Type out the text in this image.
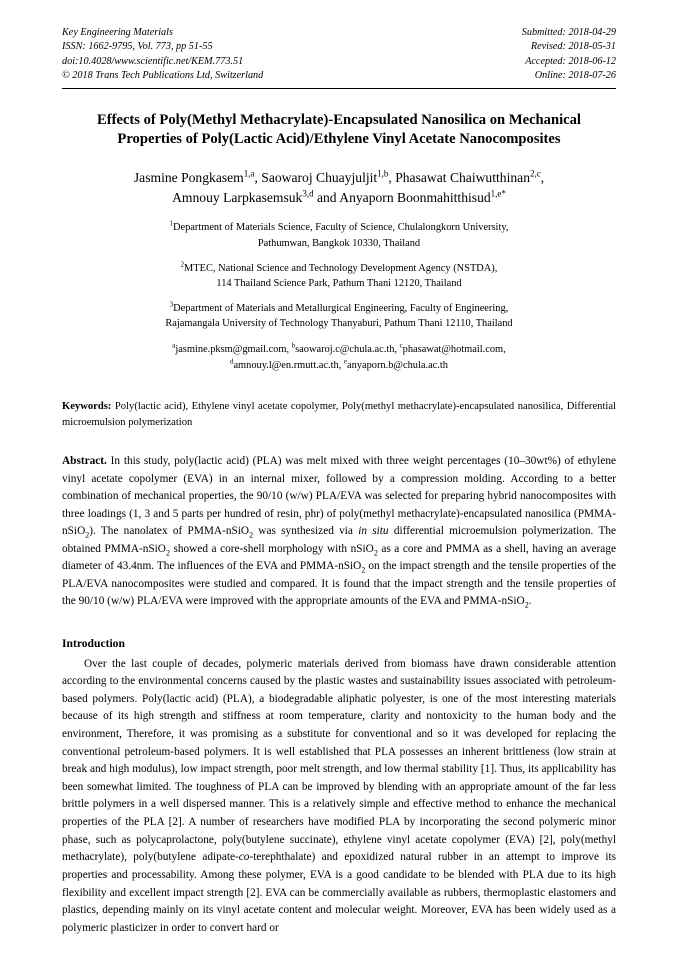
Key Engineering Materials
ISSN: 1662-9795, Vol. 773, pp 51-55
doi:10.4028/www.scientific.net/KEM.773.51
© 2018 Trans Tech Publications Ltd, Switzerland
Submitted: 2018-04-29
Revised: 2018-05-31
Accepted: 2018-06-12
Online: 2018-07-26
Effects of Poly(Methyl Methacrylate)-Encapsulated Nanosilica on Mechanical Properties of Poly(Lactic Acid)/Ethylene Vinyl Acetate Nanocomposites
Jasmine Pongkasem$^{1,a}$, Saowaroj Chuayjuljit$^{1,b}$, Phasawat Chaiwutthinan$^{2,c}$,
Amnouy Larpkasemsuk$^{3,d}$ and Anyaporn Boonmahitthisud$^{1,e*}$
$^1$Department of Materials Science, Faculty of Science, Chulalongkorn University,
Pathumwan, Bangkok 10330, Thailand
$^2$MTEC, National Science and Technology Development Agency (NSTDA),
114 Thailand Science Park, Pathum Thani 12120, Thailand
$^3$Department of Materials and Metallurgical Engineering, Faculty of Engineering,
Rajamangala University of Technology Thanyaburi, Pathum Thani 12110, Thailand
$^a$jasmine.pksm@gmail.com, $^b$saowaroj.c@chula.ac.th, $^c$phasawat@hotmail.com,
$^d$amnouy.l@en.rmutt.ac.th, $^e$anyaporn.b@chula.ac.th
Keywords: Poly(lactic acid), Ethylene vinyl acetate copolymer, Poly(methyl methacrylate)-encapsulated nanosilica, Differential microemulsion polymerization
Abstract. In this study, poly(lactic acid) (PLA) was melt mixed with three weight percentages (10–30wt%) of ethylene vinyl acetate copolymer (EVA) in an internal mixer, followed by a compression molding. According to a better combination of mechanical properties, the 90/10 (w/w) PLA/EVA was selected for preparing hybrid nanocomposites with three loadings (1, 3 and 5 parts per hundred of resin, phr) of poly(methyl methacrylate)-encapsulated nanosilica (PMMA-nSiO$_2$). The nanolatex of PMMA-nSiO$_2$ was synthesized via in situ differential microemulsion polymerization. The obtained PMMA-nSiO$_2$ showed a core-shell morphology with nSiO$_2$ as a core and PMMA as a shell, having an average diameter of 43.4nm. The influences of the EVA and PMMA-nSiO$_2$ on the impact strength and the tensile properties of the PLA/EVA nanocomposites were studied and compared. It is found that the impact strength and the tensile properties of the 90/10 (w/w) PLA/EVA were improved with the appropriate amounts of the EVA and PMMA-nSiO$_2$.
Introduction
Over the last couple of decades, polymeric materials derived from biomass have drawn considerable attention according to the environmental concerns caused by the plastic wastes and sustainability issues associated with petroleum-based polymers. Poly(lactic acid) (PLA), a biodegradable aliphatic polyester, is one of the most interesting materials because of its high strength and stiffness at room temperature, clarity and nontoxicity to the human body and the environment, Therefore, it was promising as a substitute for conventional and so it was developed for replacing the conventional petroleum-based polymers. It is well established that PLA possesses an inherent brittleness (low strain at break and high modulus), low impact strength, poor melt strength, and low thermal stability [1]. Thus, its applicability has been somewhat limited. The toughness of PLA can be improved by blending with an appropriate amount of the far less brittle polymers in a well dispersed manner. This is a relatively simple and effective method to enhance the mechanical properties of the PLA [2]. A number of researchers have modified PLA by incorporating the second polymeric minor phase, such as polycaprolactone, poly(butylene succinate), ethylene vinyl acetate copolymer (EVA) [2], poly(methyl methacrylate), poly(butylene adipate-co-terephthalate) and epoxidized natural rubber in an attempt to improve its properties and processability. Among these polymer, EVA is a good candidate to be blended with PLA due to its high flexibility and excellent impact strength [2]. EVA can be commercially available as rubbers, thermoplastic elastomers and plastics, depending mainly on its vinyl acetate content and molecular weight. Moreover, EVA has been widely used as a polymeric plasticizer in order to convert hard or
